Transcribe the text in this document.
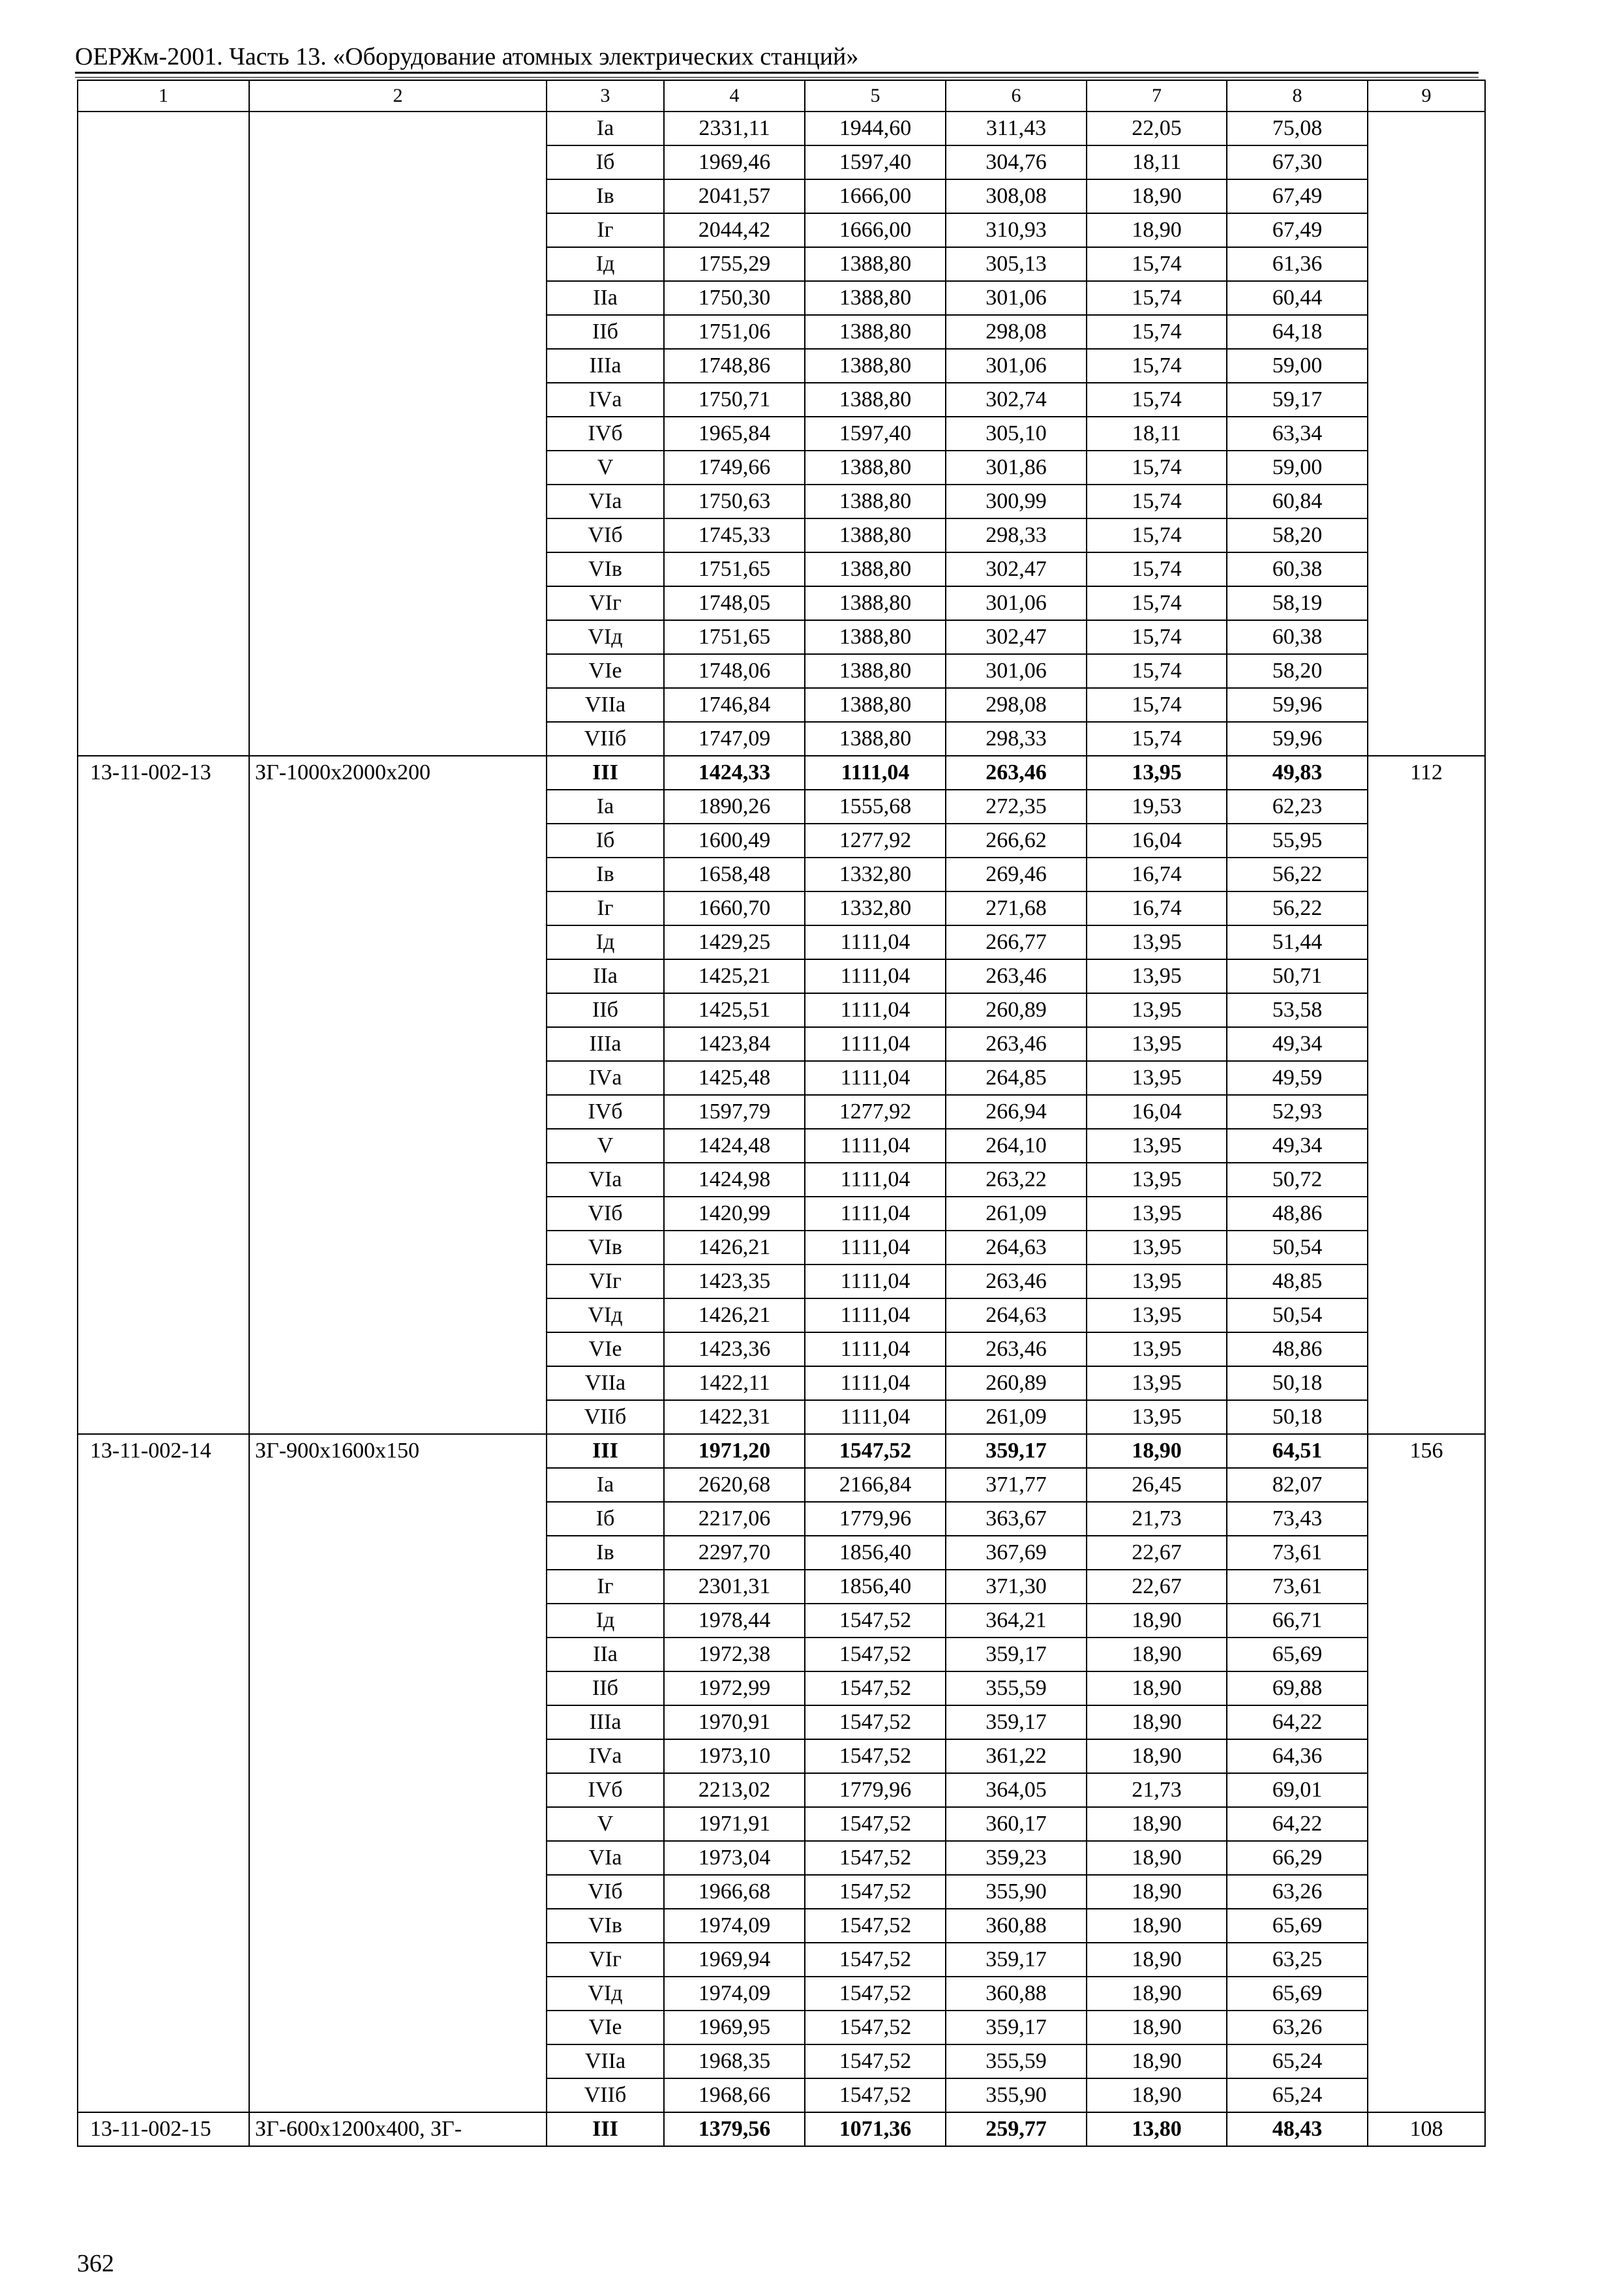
ОЕРЖм-2001. Часть 13. «Оборудование атомных электрических станций»
1	2	3	4	5	6	7	8	9
		Iа	2331,11	1944,60	311,43	22,05	75,08	
		Iб	1969,46	1597,40	304,76	18,11	67,30	
		Iв	2041,57	1666,00	308,08	18,90	67,49	
		Iг	2044,42	1666,00	310,93	18,90	67,49	
		Iд	1755,29	1388,80	305,13	15,74	61,36	
		IIа	1750,30	1388,80	301,06	15,74	60,44	
		IIб	1751,06	1388,80	298,08	15,74	64,18	
		IIIа	1748,86	1388,80	301,06	15,74	59,00	
		IVа	1750,71	1388,80	302,74	15,74	59,17	
		IVб	1965,84	1597,40	305,10	18,11	63,34	
		V	1749,66	1388,80	301,86	15,74	59,00	
		VIа	1750,63	1388,80	300,99	15,74	60,84	
		VIб	1745,33	1388,80	298,33	15,74	58,20	
		VIв	1751,65	1388,80	302,47	15,74	60,38	
		VIг	1748,05	1388,80	301,06	15,74	58,19	
		VIд	1751,65	1388,80	302,47	15,74	60,38	
		VIе	1748,06	1388,80	301,06	15,74	58,20	
		VIIа	1746,84	1388,80	298,08	15,74	59,96	
		VIIб	1747,09	1388,80	298,33	15,74	59,96	
13-11-002-13	ЗГ-1000х2000х200	III	1424,33	1111,04	263,46	13,95	49,83	112
		Iа	1890,26	1555,68	272,35	19,53	62,23	
		Iб	1600,49	1277,92	266,62	16,04	55,95	
		Iв	1658,48	1332,80	269,46	16,74	56,22	
		Iг	1660,70	1332,80	271,68	16,74	56,22	
		Iд	1429,25	1111,04	266,77	13,95	51,44	
		IIа	1425,21	1111,04	263,46	13,95	50,71	
		IIб	1425,51	1111,04	260,89	13,95	53,58	
		IIIа	1423,84	1111,04	263,46	13,95	49,34	
		IVа	1425,48	1111,04	264,85	13,95	49,59	
		IVб	1597,79	1277,92	266,94	16,04	52,93	
		V	1424,48	1111,04	264,10	13,95	49,34	
		VIа	1424,98	1111,04	263,22	13,95	50,72	
		VIб	1420,99	1111,04	261,09	13,95	48,86	
		VIв	1426,21	1111,04	264,63	13,95	50,54	
		VIг	1423,35	1111,04	263,46	13,95	48,85	
		VIд	1426,21	1111,04	264,63	13,95	50,54	
		VIе	1423,36	1111,04	263,46	13,95	48,86	
		VIIа	1422,11	1111,04	260,89	13,95	50,18	
		VIIб	1422,31	1111,04	261,09	13,95	50,18	
13-11-002-14	ЗГ-900х1600х150	III	1971,20	1547,52	359,17	18,90	64,51	156
		Iа	2620,68	2166,84	371,77	26,45	82,07	
		Iб	2217,06	1779,96	363,67	21,73	73,43	
		Iв	2297,70	1856,40	367,69	22,67	73,61	
		Iг	2301,31	1856,40	371,30	22,67	73,61	
		Iд	1978,44	1547,52	364,21	18,90	66,71	
		IIа	1972,38	1547,52	359,17	18,90	65,69	
		IIб	1972,99	1547,52	355,59	18,90	69,88	
		IIIа	1970,91	1547,52	359,17	18,90	64,22	
		IVа	1973,10	1547,52	361,22	18,90	64,36	
		IVб	2213,02	1779,96	364,05	21,73	69,01	
		V	1971,91	1547,52	360,17	18,90	64,22	
		VIа	1973,04	1547,52	359,23	18,90	66,29	
		VIб	1966,68	1547,52	355,90	18,90	63,26	
		VIв	1974,09	1547,52	360,88	18,90	65,69	
		VIг	1969,94	1547,52	359,17	18,90	63,25	
		VIд	1974,09	1547,52	360,88	18,90	65,69	
		VIе	1969,95	1547,52	359,17	18,90	63,26	
		VIIа	1968,35	1547,52	355,59	18,90	65,24	
		VIIб	1968,66	1547,52	355,90	18,90	65,24	
13-11-002-15	ЗГ-600х1200х400, ЗГ-	III	1379,56	1071,36	259,77	13,80	48,43	108
362
